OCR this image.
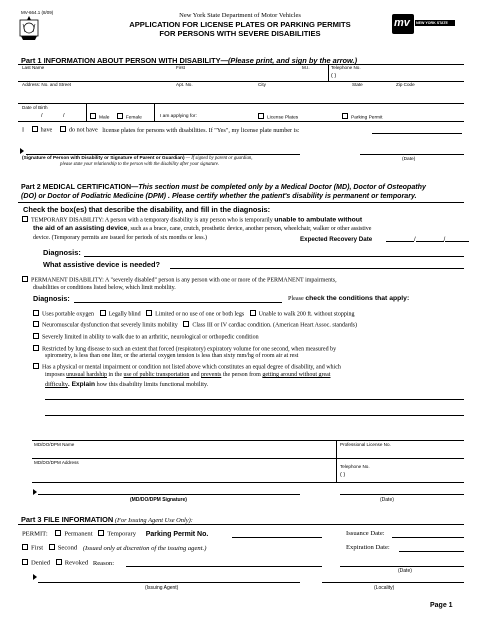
MV-664.1 (8/09)	New York State Department of Motor Vehicles
APPLICATION FOR LICENSE PLATES OR PARKING PERMITS
FOR PERSONS WITH SEVERE DISABILITIES
mv NEW YORK STATE
Part 1 INFORMATION ABOUT PERSON WITH DISABILITY—(Please print, and sign by the arrow.)
Last Name	First	M.I.	Telephone No.
( )
Address: No. and Street	Apt. No.	City	State	Zip Code
Date of Birth
/	/	Male	Female	I am applying for:	License Plates	Parking Permit
I	have	do not have license plates for persons with disabilities. If "Yes", my license plate number is:
(Signature of Person with Disability or Signature of Parent or Guardian) — If signed by parent or guardian,
please state your relationship to the person with the disability after your signature.
(Date)
Part 2 MEDICAL CERTIFICATION—This section must be completed only by a Medical Doctor (MD), Doctor of Osteopathy
(DO) or Doctor of Podiatric Medicine (DPM) . Please certify whether the patient's disability is permanent or temporary.
Check the box(es) that describe the disability, and fill in the diagnosis:
TEMPORARY DISABILITY: A person with a temporary disability is any person who is temporarily unable to ambulate without
the aid of an assisting device, such as a brace, cane, crutch, prosthetic device, another person, wheelchair, walker or other assistive
device. (Temporary permits are issued for periods of six months or less.)	Expected Recovery Date	/	/
Diagnosis:
What assistive device is needed?
PERMANENT DISABILITY: A "severely disabled" person is any person with one or more of the PERMANENT impairments,
disabilities or conditions listed below, which limit mobility.
Diagnosis:	Please check the conditions that apply:
Uses portable oxygen Legally blind Limited or no use of one or both legs Unable to walk 200 ft. without stopping
Neuromuscular dysfunction that severely limits mobility Class III or IV cardiac condition. (American Heart Assoc. standards)
Severely limited in ability to walk due to an arthritic, neurological or orthopedic condition
Restricted by lung disease to such an extent that forced (respiratory) expiratory volume for one second, when measured by
spirometry, is less than one liter, or the arterial oxygen tension is less than sixty mm/hg of room air at rest
Has a physical or mental impairment or condition not listed above which constitutes an equal degree of disability, and which
imposes unusual hardship in the use of public transportation and prevents the person from getting around without great
difficulty. Explain how this disability limits functional mobility.
MD/DO/DPM Name	Professional License No.
MD/DO/DPM Address
Telephone No.
( )
(MD/DO/DPM Signature)	(Date)
Part 3 FILE INFORMATION (For Issuing Agent Use Only):
PERMIT:	Permanent Temporary Parking Permit No.	Issuance Date:
First Second (Issued only at discretion of the issuing agent.)	Expiration Date:
Denied Revoked Reason:
(Date)
(Issuing Agent)	(Locality)
Page 1
